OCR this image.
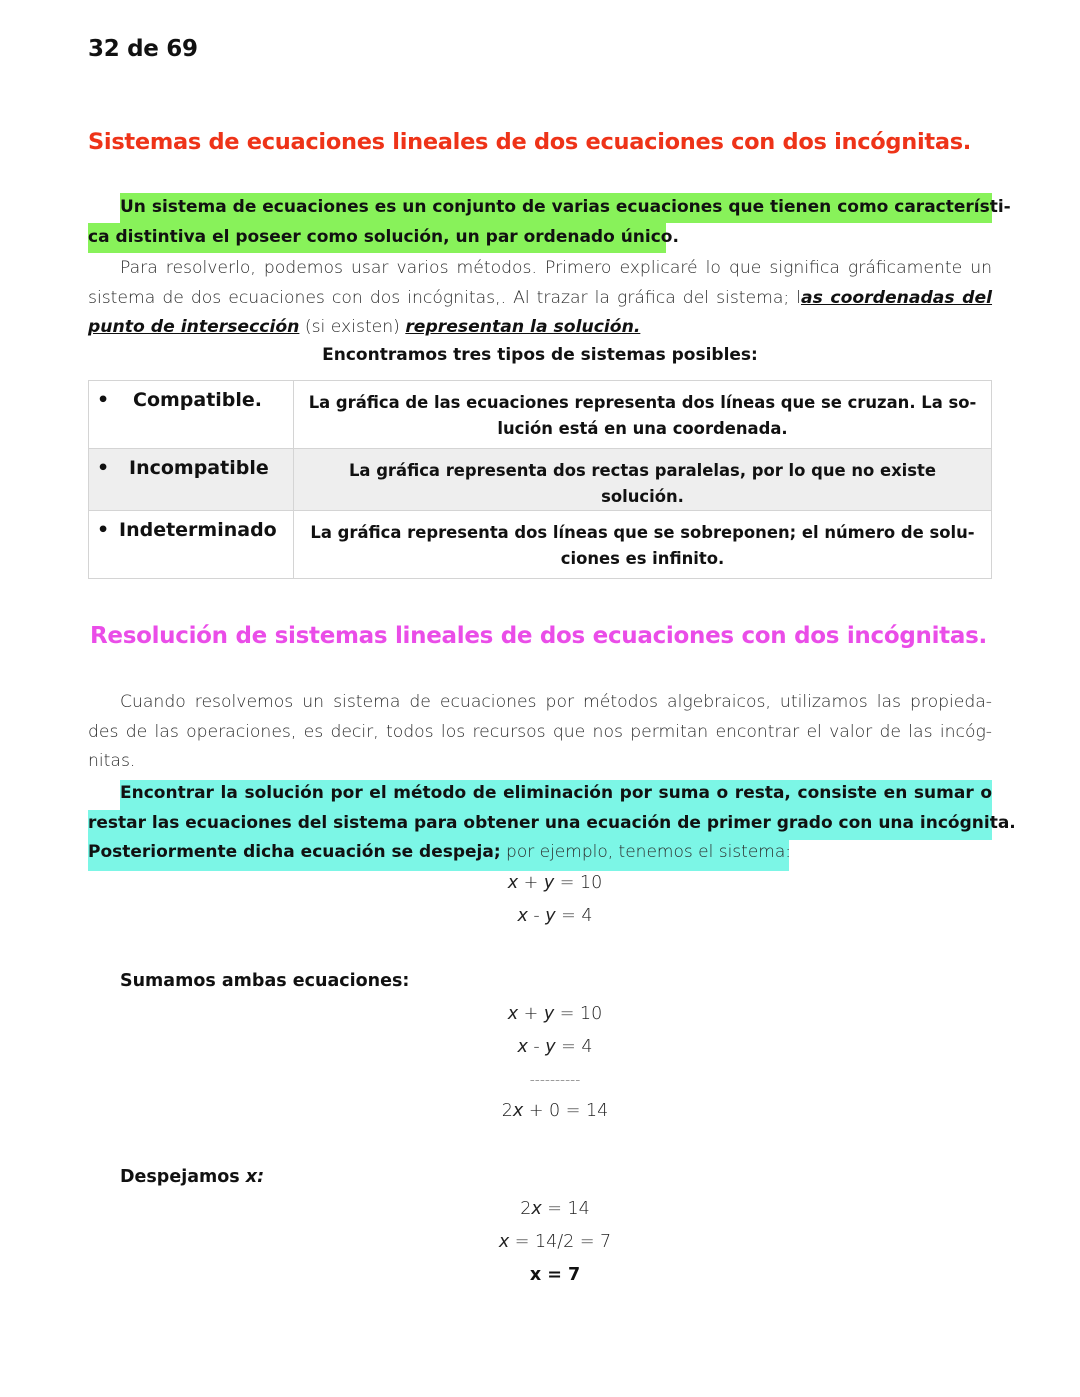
32 de 69
Sistemas de ecuaciones lineales de dos ecuaciones con dos incógnitas.
Un sistema de ecuaciones es un conjunto de varias ecuaciones que tienen como característi-
ca distintiva el poseer como solución, un par ordenado único.
Para resolverlo, podemos usar varios métodos. Primero explicaré lo que significa gráficamente un
sistema de dos ecuaciones con dos incógnitas,. Al trazar la gráfica del sistema; las coordenadas del
punto de intersección (si existen) representan la solución.
Encontramos tres tipos de sistemas posibles:
• Compatible.	La gráfica de las ecuaciones representa dos líneas que se cruzan. La so-
lución está en una coordenada.

• Incompatible	La gráfica representa dos rectas paralelas, por lo que no existe solución.

• Indeterminado	La gráfica representa dos líneas que se sobreponen; el número de solu-
ciones es infinito.
Resolución de sistemas lineales de dos ecuaciones con dos incógnitas.
Cuando resolvemos un sistema de ecuaciones por métodos algebraicos, utilizamos las propieda-
des de las operaciones, es decir, todos los recursos que nos permitan encontrar el valor de las incóg-
nitas.
Encontrar la solución por el método de eliminación por suma o resta, consiste en sumar o
restar las ecuaciones del sistema para obtener una ecuación de primer grado con una incógnita.
Posteriormente dicha ecuación se despeja; por ejemplo, tenemos el sistema:
x + y = 10
x - y = 4
Sumamos ambas ecuaciones:
x + y = 10
x - y = 4
----------
2x + 0 = 14
Despejamos x:
2x = 14
x = 14/2 = 7
x = 7
